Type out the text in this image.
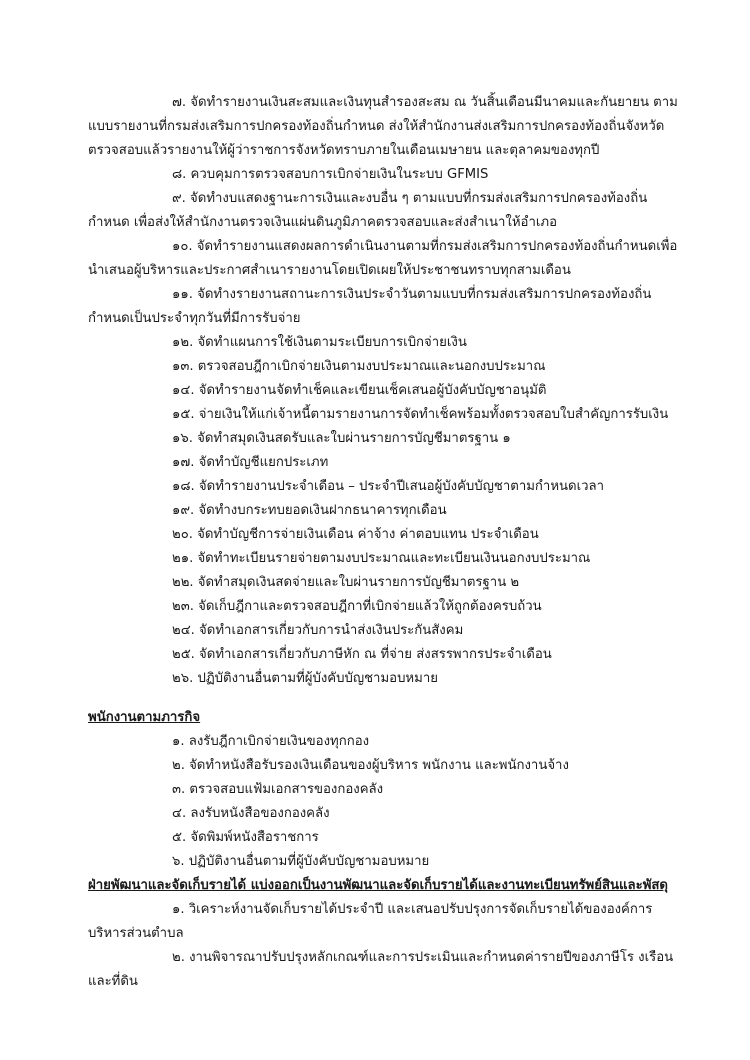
๗. จัดทำรายงานเงินสะสมและเงินทุนสำรองสะสม ณ วันสิ้นเดือนมีนาคมและกันยายน ตาม
แบบรายงานที่กรมส่งเสริมการปกครองท้องถิ่นกำหนด ส่งให้สำนักงานส่งเสริมการปกครองท้องถิ่นจังหวัด
ตรวจสอบแล้วรายงานให้ผู้ว่าราชการจังหวัดทราบภายในเดือนเมษายน และตุลาคมของทุกปี
๘. ควบคุมการตรวจสอบการเบิกจ่ายเงินในระบบ GFMIS
๙. จัดทำงบแสดงฐานะการเงินและงบอื่น ๆ ตามแบบที่กรมส่งเสริมการปกครองท้องถิ่น
กำหนด เพื่อส่งให้สำนักงานตรวจเงินแผ่นดินภูมิภาคตรวจสอบและส่งสำเนาให้อำเภอ
๑๐. จัดทำรายงานแสดงผลการดำเนินงานตามที่กรมส่งเสริมการปกครองท้องถิ่นกำหนดเพื่อ
นำเสนอผู้บริหารและประกาศสำเนารายงานโดยเปิดเผยให้ประชาชนทราบทุกสามเดือน
๑๑. จัดทำงรายงานสถานะการเงินประจำวันตามแบบที่กรมส่งเสริมการปกครองท้องถิ่น
กำหนดเป็นประจำทุกวันที่มีการรับจ่าย
๑๒. จัดทำแผนการใช้เงินตามระเบียบการเบิกจ่ายเงิน
๑๓. ตรวจสอบฎีกาเบิกจ่ายเงินตามงบประมาณและนอกงบประมาณ
๑๔. จัดทำรายงานจัดทำเช็คและเขียนเช็คเสนอผู้บังคับบัญชาอนุมัติ
๑๕. จ่ายเงินให้แก่เจ้าหนี้ตามรายงานการจัดทำเช็คพร้อมทั้งตรวจสอบใบสำคัญการรับเงิน
๑๖. จัดทำสมุดเงินสดรับและใบผ่านรายการบัญชีมาตรฐาน ๑
๑๗. จัดทำบัญชีแยกประเภท
๑๘. จัดทำรายงานประจำเดือน – ประจำปีเสนอผู้บังคับบัญชาตามกำหนดเวลา
๑๙. จัดทำงบกระทบยอดเงินฝากธนาคารทุกเดือน
๒๐. จัดทำบัญชีการจ่ายเงินเดือน ค่าจ้าง ค่าตอบแทน ประจำเดือน
๒๑. จัดทำทะเบียนรายจ่ายตามงบประมาณและทะเบียนเงินนอกงบประมาณ
๒๒. จัดทำสมุดเงินสดจ่ายและใบผ่านรายการบัญชีมาตรฐาน ๒
๒๓. จัดเก็บฎีกาและตรวจสอบฎีกาที่เบิกจ่ายแล้วให้ถูกต้องครบถ้วน
๒๔. จัดทำเอกสารเกี่ยวกับการนำส่งเงินประกันสังคม
๒๕. จัดทำเอกสารเกี่ยวกับภาษีหัก ณ ที่จ่าย ส่งสรรพากรประจำเดือน
๒๖. ปฏิบัติงานอื่นตามที่ผู้บังคับบัญชามอบหมาย
พนักงานตามภารกิจ
๑. ลงรับฎีกาเบิกจ่ายเงินของทุกกอง
๒. จัดทำหนังสือรับรองเงินเดือนของผู้บริหาร พนักงาน และพนักงานจ้าง
๓. ตรวจสอบแฟ้มเอกสารของกองคลัง
๔. ลงรับหนังสือของกองคลัง
๕. จัดพิมพ์หนังสือราชการ
๖. ปฏิบัติงานอื่นตามที่ผู้บังคับบัญชามอบหมาย
ฝ่ายพัฒนาและจัดเก็บรายได้ แบ่งออกเป็นงานพัฒนาและจัดเก็บรายได้และงานทะเบียนทรัพย์สินและพัสดุ
๑. วิเคราะห์งานจัดเก็บรายได้ประจำปี และเสนอปรับปรุงการจัดเก็บรายได้ขององค์การ
บริหารส่วนตำบล
๒. งานพิจารณาปรับปรุงหลักเกณฑ์และการประเมินและกำหนดค่ารายปีของภาษีโร งเรือน
และที่ดิน
